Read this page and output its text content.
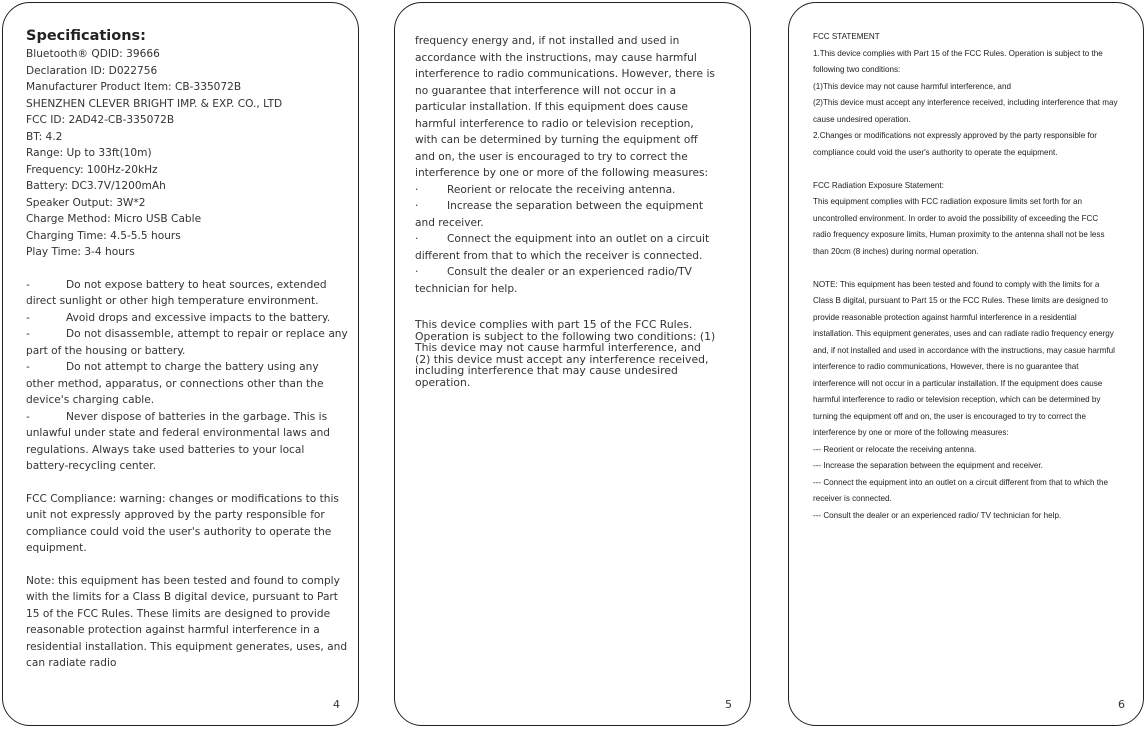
Specifications:
Bluetooth® QDID: 39666
Declaration ID: D022756
Manufacturer Product Item: CB-335072B
SHENZHEN CLEVER BRIGHT IMP. & EXP. CO., LTD
FCC ID: 2AD42-CB-335072B
BT: 4.2
Range: Up to 33ft(10m)
Frequency: 100Hz-20kHz
Battery: DC3.7V/1200mAh
Speaker Output: 3W*2
Charge Method: Micro USB Cable
Charging Time: 4.5-5.5 hours
Play Time: 3-4 hours

-	Do not expose battery to heat sources, extended direct sunlight or other high temperature environment.

-	Avoid drops and excessive impacts to the battery.

-	Do not disassemble, attempt to repair or replace any part of the housing or battery.

-	Do not attempt to charge the battery using any other method, apparatus, or connections other than the device's charging cable.

-	Never dispose of batteries in the garbage. This is unlawful under state and federal environmental laws and regulations. Always take used batteries to your local battery-recycling center.

FCC Compliance: warning: changes or modifications to this unit not expressly approved by the party responsible for compliance could void the user's authority to operate the equipment.

Note: this equipment has been tested and found to comply with the limits for a Class B digital device, pursuant to Part 15 of the FCC Rules. These limits are designed to provide reasonable protection against harmful interference in a residential installation. This equipment generates, uses, and can radiate radio

4

frequency energy and, if not installed and used in accordance with the instructions, may cause harmful interference to radio communications. However, there is no guarantee that interference will not occur in a particular installation. If this equipment does cause harmful interference to radio or television reception, with can be determined by turning the equipment off and on, the user is encouraged to try to correct the interference by one or more of the following measures:

·	Reorient or relocate the receiving antenna.

·	Increase the separation between the equipment and receiver.

·	Connect the equipment into an outlet on a circuit different from that to which the receiver is connected.

·	Consult the dealer or an experienced radio/TV technician for help.

This device complies with part 15 of the FCC Rules. Operation is subject to the following two conditions: (1) This device may not cause harmful interference, and (2) this device must accept any interference received, including interference that may cause undesired operation.

5

FCC STATEMENT

1.This device complies with Part 15 of the FCC Rules. Operation is subject to the following two conditions:

(1)This device may not cause harmful interference, and

(2)This device must accept any interference received, including interference that may cause undesired operation.

2.Changes or modifications not expressly approved by the party responsible for compliance could void the user's authority to operate the equipment.

FCC Radiation Exposure Statement:

This equipment complies with FCC radiation exposure limits set forth for an uncontrolled environment. In order to avoid the possibility of exceeding the FCC radio frequency exposure limits, Human proximity to the antenna shall not be less than 20cm (8 inches) during normal operation.

NOTE: This equipment has been tested and found to comply with the limits for a Class B digital, pursuant to Part 15 or the FCC Rules. These limits are designed to provide reasonable protection against harmful interference in a residential installation. This equipment generates, uses and can radiate radio frequency energy and, if not installed and used in accordance with the instructions, may casue harmful interference to radio communications, However, there is no guarantee that interference will not occur in a particular installation. If the equipment does cause harmful interference to radio or television reception, which can be determined by turning the equipment off and on, the user is encouraged to try to correct the interference by one or more of the following measures:

--- Reorient or relocate the receiving antenna.

--- Increase the separation between the equipment and receiver.

--- Connect the equipment into an outlet on a circuit different from that to which the receiver is connected.

--- Consult the dealer or an experienced radio/ TV technician for help.

6
